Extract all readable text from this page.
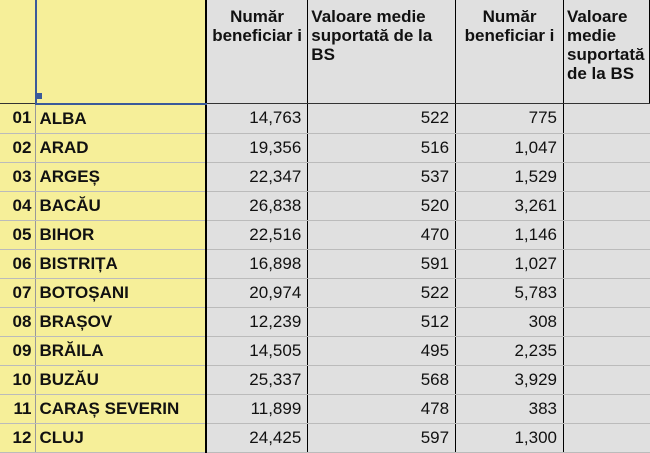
		Număr beneficiar i	Valoare medie suportată de la BS	Număr beneficiar i	Valoare medie suportată de la BS
01	ALBA	14,763	522	775	
02	ARAD	19,356	516	1,047	
03	ARGEȘ	22,347	537	1,529	
04	BACĂU	26,838	520	3,261	
05	BIHOR	22,516	470	1,146	
06	BISTRIȚA	16,898	591	1,027	
07	BOTOȘANI	20,974	522	5,783	
08	BRAȘOV	12,239	512	308	
09	BRĂILA	14,505	495	2,235	
10	BUZĂU	25,337	568	3,929	
11	CARAȘ SEVERIN	11,899	478	383	
12	CLUJ	24,425	597	1,300	
